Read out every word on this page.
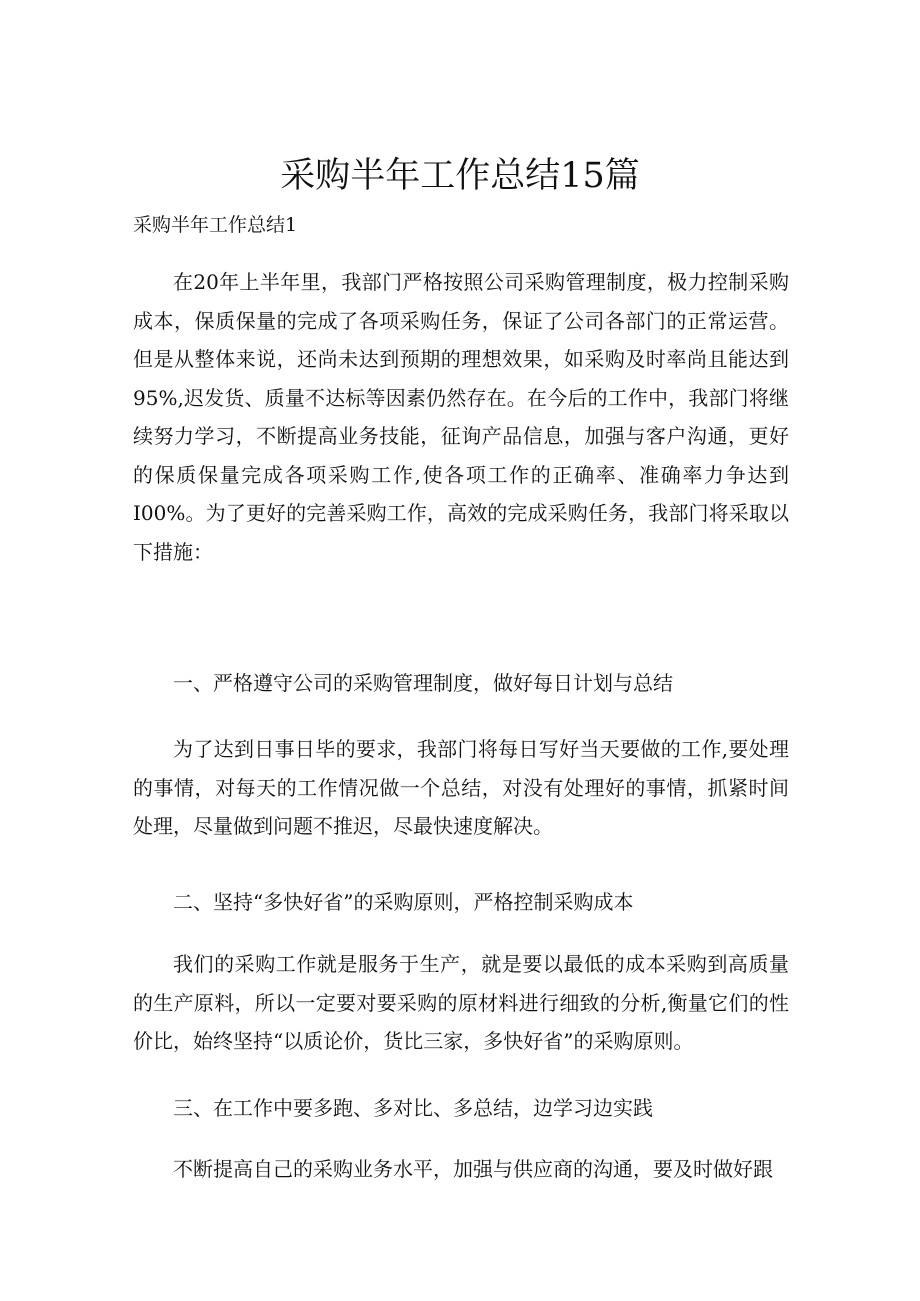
采购半年工作总结15篇
采购半年工作总结1

在20年上半年里，我部门严格按照公司采购管理制度，极力控制采购成本，保质保量的完成了各项采购任务，保证了公司各部门的正常运营。但是从整体来说，还尚未达到预期的理想效果，如采购及时率尚且能达到95%,迟发货、质量不达标等因素仍然存在。在今后的工作中，我部门将继续努力学习，不断提高业务技能，征询产品信息，加强与客户沟通，更好的保质保量完成各项采购工作,使各项工作的正确率、准确率力争达到I00%。为了更好的完善采购工作，高效的完成采购任务，我部门将采取以下措施：

一、严格遵守公司的采购管理制度，做好每日计划与总结

为了达到日事日毕的要求，我部门将每日写好当天要做的工作,要处理的事情，对每天的工作情况做一个总结，对没有处理好的事情，抓紧时间处理，尽量做到问题不推迟，尽最快速度解决。

二、坚持“多快好省”的采购原则，严格控制采购成本

我们的采购工作就是服务于生产，就是要以最低的成本采购到高质量的生产原料，所以一定要对要采购的原材料进行细致的分析,衡量它们的性价比，始终坚持“以质论价，货比三家，多快好省”的采购原则。

三、在工作中要多跑、多对比、多总结，边学习边实践

不断提高自己的采购业务水平，加强与供应商的沟通，要及时做好跟
